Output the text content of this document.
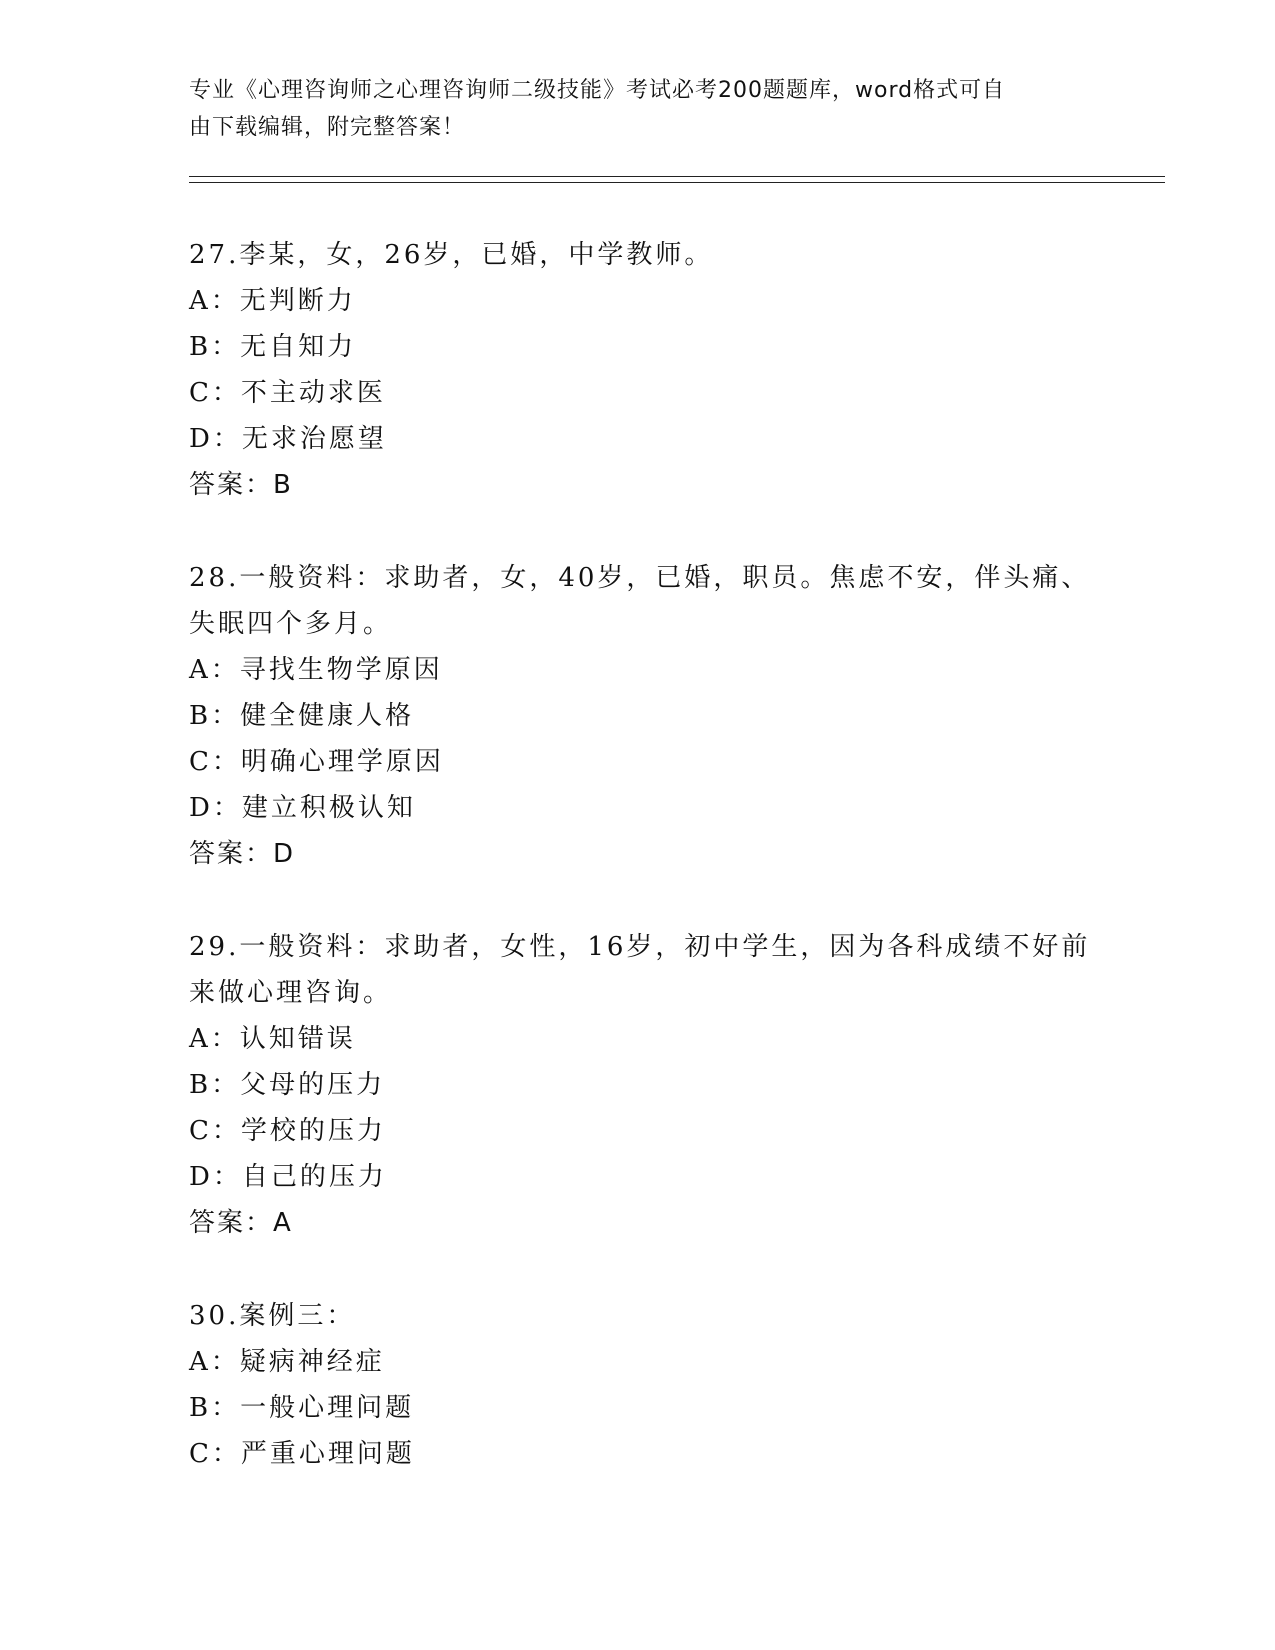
专业《心理咨询师之心理咨询师二级技能》考试必考200题题库，word格式可自
由下载编辑，附完整答案！
27.李某，女，26岁，已婚，中学教师。
A：无判断力
B：无自知力
C：不主动求医
D：无求治愿望
答案：B
28.一般资料：求助者，女，40岁，已婚，职员。焦虑不安，伴头痛、
失眠四个多月。
A：寻找生物学原因
B：健全健康人格
C：明确心理学原因
D：建立积极认知
答案：D
29.一般资料：求助者，女性，16岁，初中学生，因为各科成绩不好前
来做心理咨询。
A：认知错误
B：父母的压力
C：学校的压力
D：自己的压力
答案：A
30.案例三：
A：疑病神经症
B：一般心理问题
C：严重心理问题
